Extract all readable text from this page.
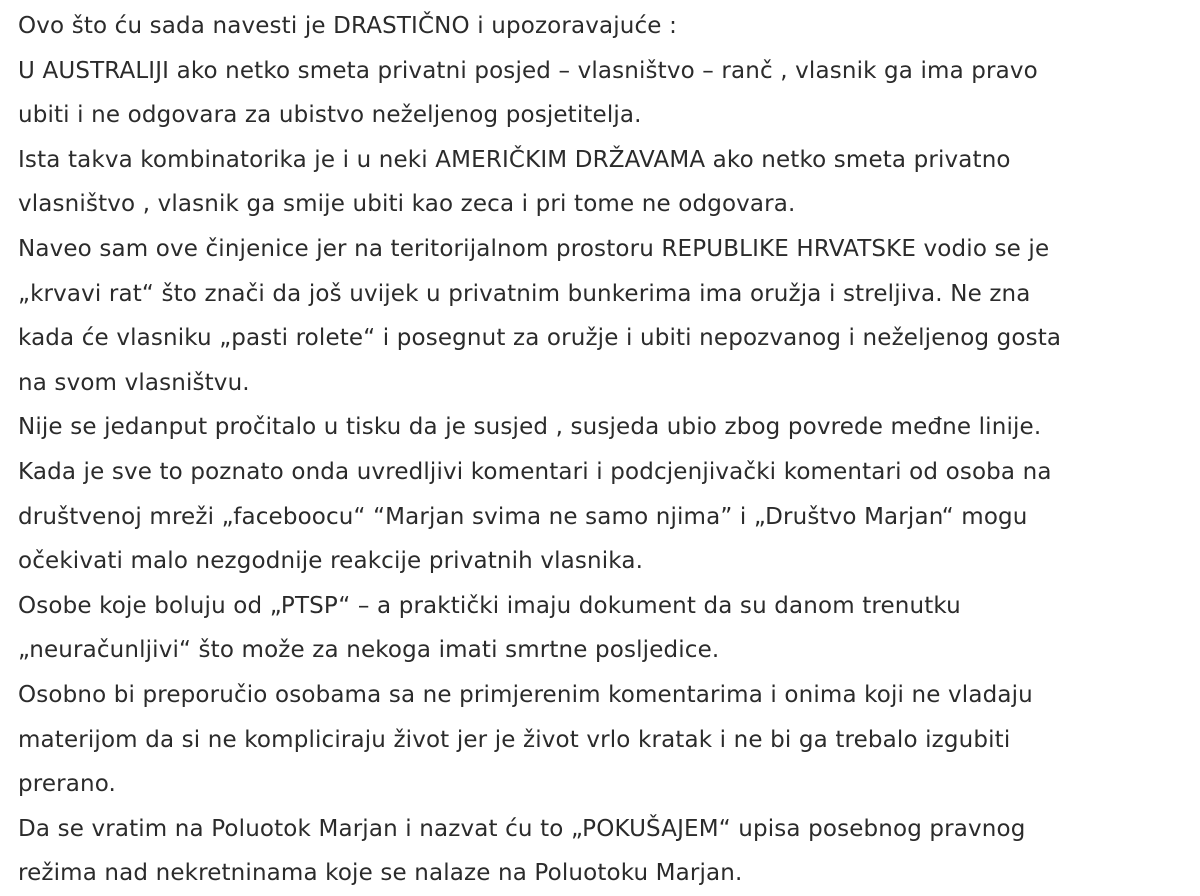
Ovo što ću sada navesti je DRASTIČNO i upozoravajuće :
U AUSTRALIJI ako netko smeta privatni posjed – vlasništvo – ranč , vlasnik ga ima pravo
ubiti i ne odgovara za ubistvo neželjenog posjetitelja.
Ista takva kombinatorika je i u neki AMERIČKIM DRŽAVAMA ako netko smeta privatno
vlasništvo , vlasnik ga smije ubiti kao zeca i pri tome ne odgovara.
Naveo sam ove činjenice jer na teritorijalnom prostoru REPUBLIKE HRVATSKE vodio se je
„krvavi rat“ što znači da još uvijek u privatnim bunkerima ima oružja i streljiva. Ne zna
kada će vlasniku „pasti rolete“ i posegnut za oružje i ubiti nepozvanog i neželjenog gosta
na svom vlasništvu.
Nije se jedanput pročitalo u tisku da je susjed , susjeda ubio zbog povrede međne linije.
Kada je sve to poznato onda uvredljivi komentari i podcjenjivački komentari od osoba na
društvenoj mreži „faceboocu“ “Marjan svima ne samo njima” i „Društvo Marjan“ mogu
očekivati malo nezgodnije reakcije privatnih vlasnika.
Osobe koje boluju od „PTSP“ – a praktički imaju dokument da su danom trenutku
„neuračunljivi“ što može za nekoga imati smrtne posljedice.
Osobno bi preporučio osobama sa ne primjerenim komentarima i onima koji ne vladaju
materijom da si ne kompliciraju život jer je život vrlo kratak i ne bi ga trebalo izgubiti
prerano.
Da se vratim na Poluotok Marjan i nazvat ću to „POKUŠAJEM“ upisa posebnog pravnog
režima nad nekretninama koje se nalaze na Poluotoku Marjan.
